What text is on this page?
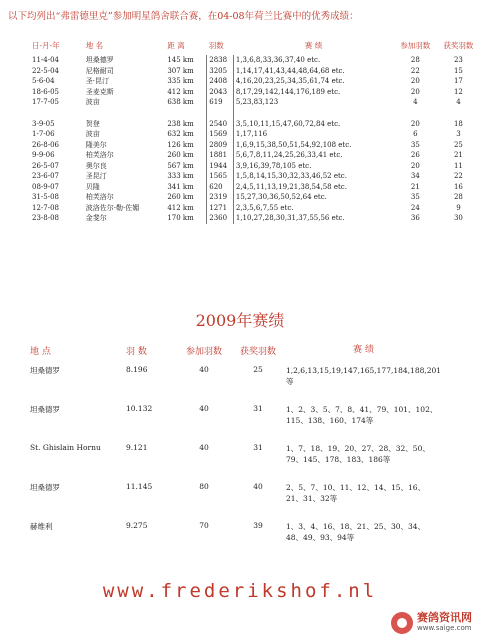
以下均列出“弗雷德里克”参加明星鸽舍联合赛，在04-08年荷兰比赛中的优秀成绩：
日-月-年	地 名	距 离	羽数	赛 绩	参加羽数	获奖羽数
11-4-04	坦桑德罗	145 km	2838	1,3,6,8,33,36,37,40 etc.	28	23
22-5-04	尼格耐司	307 km	3205	1,14,17,41,43,44,48,64,68 etc.	22	15
5-6-04	圣·昆汀	335 km	2408	4,16,20,23,25,34,35,61,74 etc.	20	17
18-6-05	圣麦克斯	412 km	2043	8,17,29,142,144,176,189 etc.	20	12
17-7-05	波亩	638 km	619	5,23,83,123	4	4

3-9-05	贺登	238 km	2540	3,5,10,11,15,47,60,72,84 etc.	20	18
1-7-06	波亩	632 km	1569	1,17,116	6	3
26-8-06	隆美尔	126 km	2809	1,6,9,15,38,50,51,54,92,108 etc.	35	25
9-9-06	柏芙洛尔	260 km	1881	5,6,7,8,11,24,25,26,33,41 etc.	26	21
26-5-07	奥尔良	567 km	1944	3,9,16,39,78,105 etc.	20	11
23-6-07	圣昆汀	333 km	1565	1,5,8,14,15,30,32,33,46,52 etc.	34	22
08-9-07	贝隆	341 km	620	2,4,5,11,13,19,21,38,54,58 etc.	21	16
31-5-08	柏芙洛尔	260 km	2319	15,27,30,36,50,52,64 etc.	35	28
12-7-08	波洛佐尔·勒·佐媚	412 km	1271	2,3,5,6,7,55 etc.	24	9
23-8-08	金斐尔	170 km	2360	1,10,27,28,30,31,37,55,56 etc.	36	30
2009年赛绩
地 点	羽 数	参加羽数	获奖羽数	赛 绩
坦桑德罗	8.196	40	25	1,2,6,13,15,19,147,165,177,184,188,201等
坦桑德罗	10.132	40	31	1、2、3、5、7、8、41、79、101、102、115、138、160、174等
St. Ghislain Hornu	9.121	40	31	1、7、18、19、20、27、28、32、50、79、145、178、183、186等
坦桑德罗	11.145	80	40	2、5、7、10、11、12、14、15、16、21、31、32等
赫维利	9.275	70	39	1、3、4、16、18、21、25、30、34、48、49、93、94等
www.frederikshof.nl
赛鸽资讯网
www.saige.com
